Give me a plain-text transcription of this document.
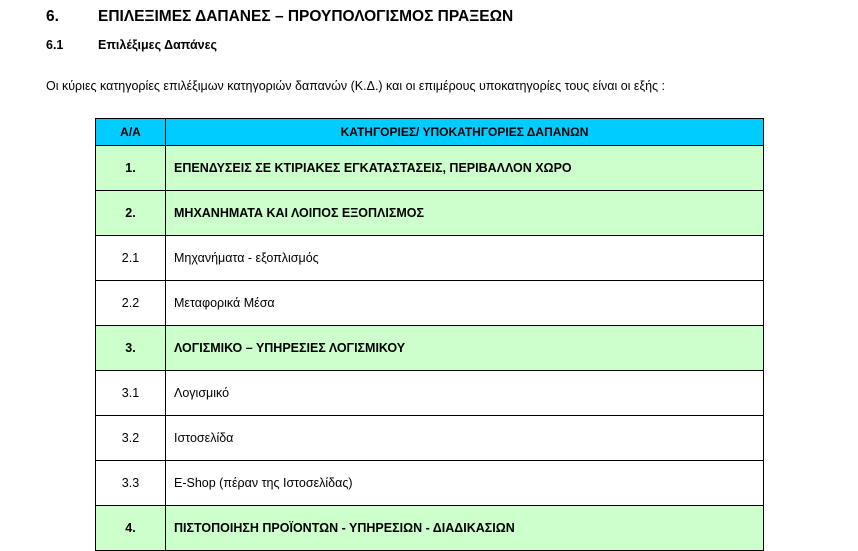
6.	ΕΠΙΛΕΞΙΜΕΣ ΔΑΠΑΝΕΣ – ΠΡΟΥΠΟΛΟΓΙΣΜΟΣ ΠΡΑΞΕΩΝ
6.1	Επιλέξιμες Δαπάνες
Οι κύριες κατηγορίες επιλέξιμων κατηγοριών δαπανών (Κ.Δ.) και οι επιμέρους υποκατηγορίες τους είναι οι εξής :
Α/Α	ΚΑΤΗΓΟΡΙΕΣ/ ΥΠΟΚΑΤΗΓΟΡΙΕΣ ΔΑΠΑΝΩΝ
1.	ΕΠΕΝΔΥΣΕΙΣ ΣΕ ΚΤΙΡΙΑΚΕΣ ΕΓΚΑΤΑΣΤΑΣΕΙΣ, ΠΕΡΙΒΑΛΛΟΝ ΧΩΡΟ
2.	ΜΗΧΑΝΗΜΑΤΑ ΚΑΙ ΛΟΙΠΟΣ ΕΞΟΠΛΙΣΜΟΣ
2.1	Μηχανήματα - εξοπλισμός
2.2	Μεταφορικά Μέσα
3.	ΛΟΓΙΣΜΙΚΟ – ΥΠΗΡΕΣΙΕΣ ΛΟΓΙΣΜΙΚΟΥ
3.1	Λογισμικό
3.2	Ιστοσελίδα
3.3	E-Shop (πέραν της Ιστοσελίδας)
4.	ΠΙΣΤΟΠΟΙΗΣΗ ΠΡΟΪΟΝΤΩΝ - ΥΠΗΡΕΣΙΩΝ - ΔΙΑΔΙΚΑΣΙΩΝ
